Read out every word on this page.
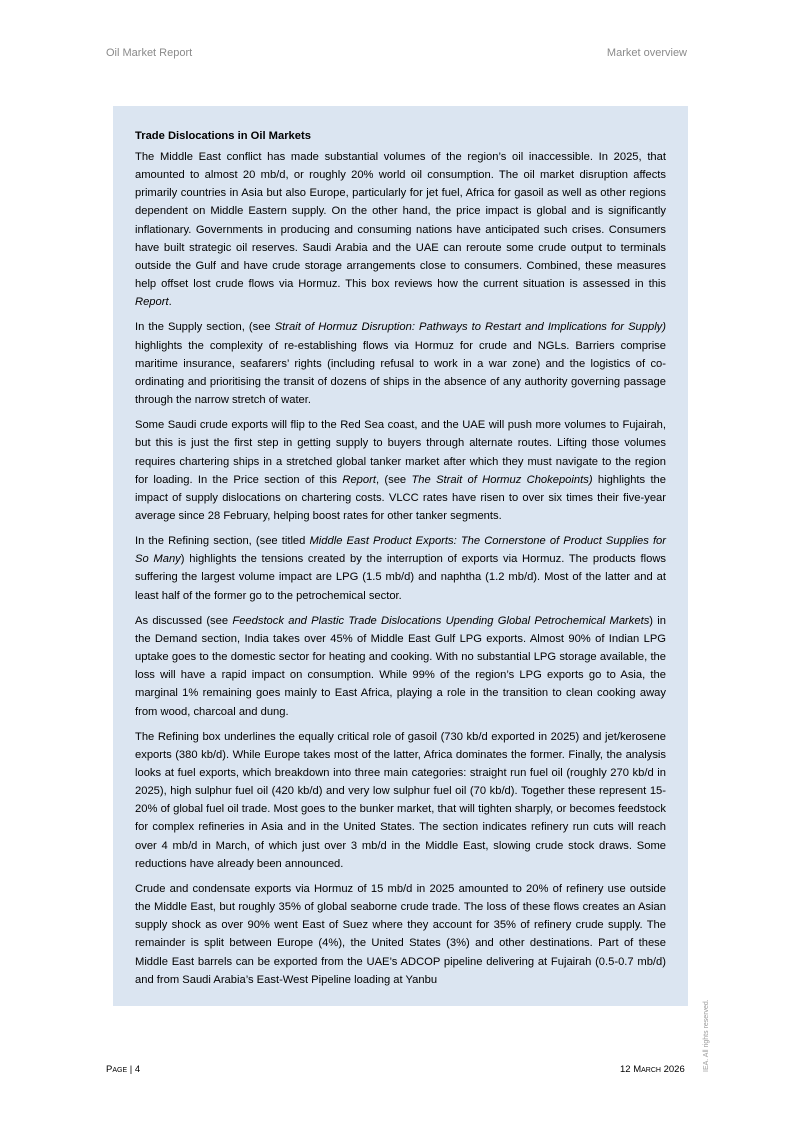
Oil Market Report	Market overview
Trade Dislocations in Oil Markets

The Middle East conflict has made substantial volumes of the region’s oil inaccessible. In 2025, that amounted to almost 20 mb/d, or roughly 20% world oil consumption. The oil market disruption affects primarily countries in Asia but also Europe, particularly for jet fuel, Africa for gasoil as well as other regions dependent on Middle Eastern supply. On the other hand, the price impact is global and is significantly inflationary. Governments in producing and consuming nations have anticipated such crises. Consumers have built strategic oil reserves. Saudi Arabia and the UAE can reroute some crude output to terminals outside the Gulf and have crude storage arrangements close to consumers. Combined, these measures help offset lost crude flows via Hormuz. This box reviews how the current situation is assessed in this Report.

In the Supply section, (see Strait of Hormuz Disruption: Pathways to Restart and Implications for Supply) highlights the complexity of re-establishing flows via Hormuz for crude and NGLs. Barriers comprise maritime insurance, seafarers’ rights (including refusal to work in a war zone) and the logistics of co-ordinating and prioritising the transit of dozens of ships in the absence of any authority governing passage through the narrow stretch of water.

Some Saudi crude exports will flip to the Red Sea coast, and the UAE will push more volumes to Fujairah, but this is just the first step in getting supply to buyers through alternate routes. Lifting those volumes requires chartering ships in a stretched global tanker market after which they must navigate to the region for loading. In the Price section of this Report, (see The Strait of Hormuz Chokepoints) highlights the impact of supply dislocations on chartering costs. VLCC rates have risen to over six times their five-year average since 28 February, helping boost rates for other tanker segments.

In the Refining section, (see titled Middle East Product Exports: The Cornerstone of Product Supplies for So Many) highlights the tensions created by the interruption of exports via Hormuz. The products flows suffering the largest volume impact are LPG (1.5 mb/d) and naphtha (1.2 mb/d). Most of the latter and at least half of the former go to the petrochemical sector.

As discussed (see Feedstock and Plastic Trade Dislocations Upending Global Petrochemical Markets) in the Demand section, India takes over 45% of Middle East Gulf LPG exports. Almost 90% of Indian LPG uptake goes to the domestic sector for heating and cooking. With no substantial LPG storage available, the loss will have a rapid impact on consumption. While 99% of the region’s LPG exports go to Asia, the marginal 1% remaining goes mainly to East Africa, playing a role in the transition to clean cooking away from wood, charcoal and dung.

The Refining box underlines the equally critical role of gasoil (730 kb/d exported in 2025) and jet/kerosene exports (380 kb/d). While Europe takes most of the latter, Africa dominates the former. Finally, the analysis looks at fuel exports, which breakdown into three main categories: straight run fuel oil (roughly 270 kb/d in 2025), high sulphur fuel oil (420 kb/d) and very low sulphur fuel oil (70 kb/d). Together these represent 15-20% of global fuel oil trade. Most goes to the bunker market, that will tighten sharply, or becomes feedstock for complex refineries in Asia and in the United States. The section indicates refinery run cuts will reach over 4 mb/d in March, of which just over 3 mb/d in the Middle East, slowing crude stock draws. Some reductions have already been announced.

Crude and condensate exports via Hormuz of 15 mb/d in 2025 amounted to 20% of refinery use outside the Middle East, but roughly 35% of global seaborne crude trade. The loss of these flows creates an Asian supply shock as over 90% went East of Suez where they account for 35% of refinery crude supply. The remainder is split between Europe (4%), the United States (3%) and other destinations. Part of these Middle East barrels can be exported from the UAE’s ADCOP pipeline delivering at Fujairah (0.5-0.7 mb/d) and from Saudi Arabia’s East-West Pipeline loading at Yanbu

Page | 4	12 March 2026	IEA. All rights reserved.
